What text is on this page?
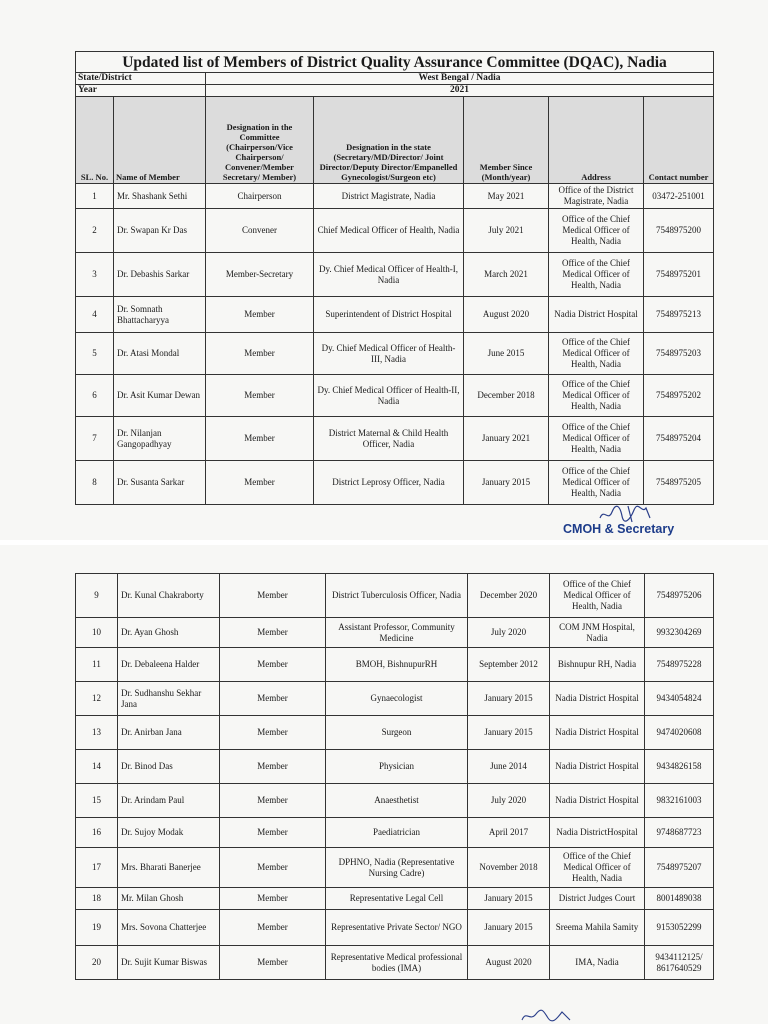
Updated list of Members of District Quality Assurance Committee (DQAC), Nadia						
State/District		West Bengal / Nadia				
Year		2021				
SL. No.	Name of Member	Designation in the Committee (Chairperson/Vice Chairperson/ Convener/Member Secretary/ Member)	Designation in the state (Secretary/MD/Director/ Joint Director/Deputy Director/Empanelled Gynecologist/Surgeon etc)	Member Since (Month/year)	Address	Contact number
1	Mr. Shashank Sethi	Chairperson	District Magistrate, Nadia	May 2021	Office of the District Magistrate, Nadia	03472-251001
2	Dr. Swapan Kr Das	Convener	Chief Medical Officer of Health, Nadia	July 2021	Office of the Chief Medical Officer of Health, Nadia	7548975200
3	Dr. Debashis Sarkar	Member-Secretary	Dy. Chief Medical Officer of Health-I, Nadia	March 2021	Office of the Chief Medical Officer of Health, Nadia	7548975201
4	Dr. Somnath Bhattacharyya	Member	Superintendent of District Hospital	August 2020	Nadia District Hospital	7548975213
5	Dr. Atasi Mondal	Member	Dy. Chief Medical Officer of Health-III, Nadia	June 2015	Office of the Chief Medical Officer of Health, Nadia	7548975203
6	Dr. Asit Kumar Dewan	Member	Dy. Chief Medical Officer of Health-II, Nadia	December 2018	Office of the Chief Medical Officer of Health, Nadia	7548975202
7	Dr. Nilanjan Gangopadhyay	Member	District Maternal & Child Health Officer, Nadia	January 2021	Office of the Chief Medical Officer of Health, Nadia	7548975204
8	Dr. Susanta Sarkar	Member	District Leprosy Officer, Nadia	January 2015	Office of the Chief Medical Officer of Health, Nadia	7548975205
CMOH & Secretary
9	Dr. Kunal Chakraborty	Member	District Tuberculosis Officer, Nadia	December 2020	Office of the Chief Medical Officer of Health, Nadia	7548975206
10	Dr. Ayan Ghosh	Member	Assistant Professor, Community Medicine	July 2020	COM JNM Hospital, Nadia	9932304269
11	Dr. Debaleena Halder	Member	BMOH, BishnupurRH	September 2012	Bishnupur RH, Nadia	7548975228
12	Dr. Sudhanshu Sekhar Jana	Member	Gynaecologist	January 2015	Nadia District Hospital	9434054824
13	Dr. Anirban Jana	Member	Surgeon	January 2015	Nadia District Hospital	9474020608
14	Dr. Binod Das	Member	Physician	June 2014	Nadia District Hospital	9434826158
15	Dr. Arindam Paul	Member	Anaesthetist	July 2020	Nadia District Hospital	9832161003
16	Dr. Sujoy Modak	Member	Paediatrician	April 2017	Nadia DistrictHospital	9748687723
17	Mrs. Bharati Banerjee	Member	DPHNO, Nadia (Representative Nursing Cadre)	November 2018	Office of the Chief Medical Officer of Health, Nadia	7548975207
18	Mr. Milan Ghosh	Member	Representative Legal Cell	January 2015	District Judges Court	8001489038
19	Mrs. Sovona Chatterjee	Member	Representative Private Sector/ NGO	January 2015	Sreema Mahila Samity	9153052299
20	Dr. Sujit Kumar Biswas	Member	Representative Medical professional bodies (IMA)	August 2020	IMA, Nadia	9434112125/ 8617640529
